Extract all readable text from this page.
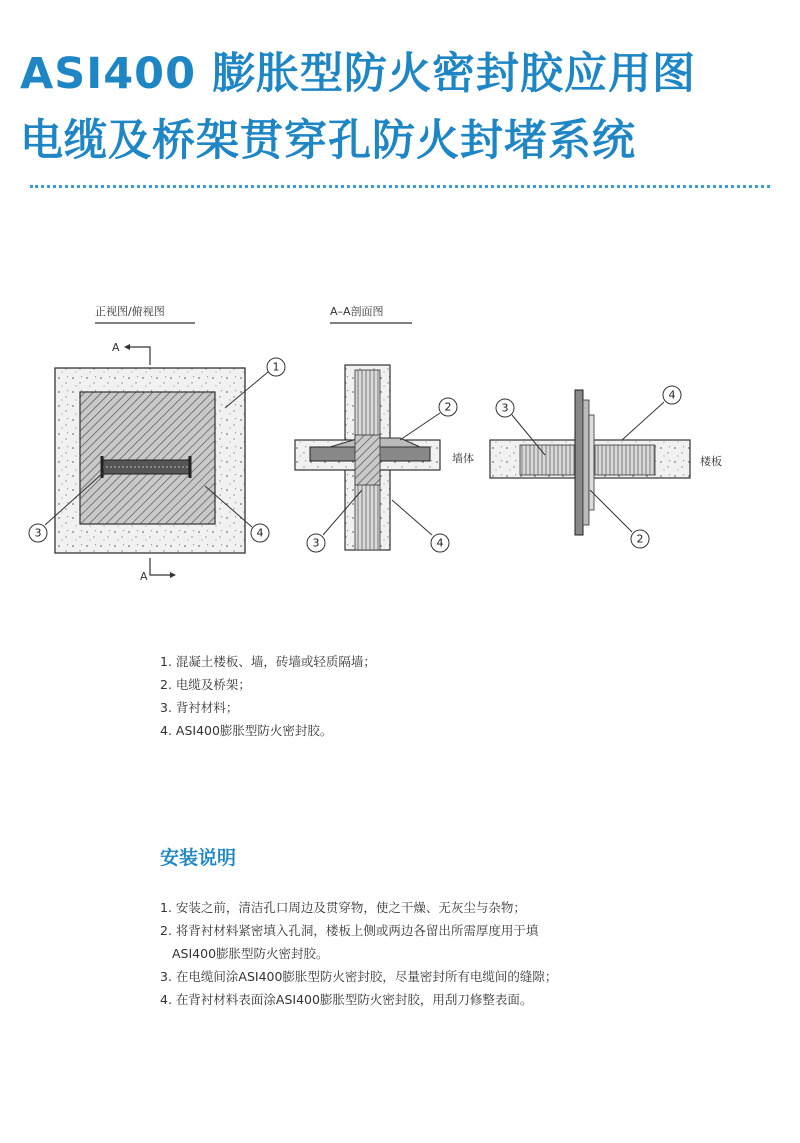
ASI400 膨胀型防火密封胶应用图
电缆及桥架贯穿孔防火封堵系统
正视图/俯视图
A
1
3	4
A
A–A剖面图
2
3	4
墙体	楼板
3
4
2
1. 混凝土楼板、墙，砖墙或轻质隔墙；
2. 电缆及桥架；
3. 背衬材料；
4. ASI400膨胀型防火密封胶。
安装说明
1. 安装之前，清洁孔口周边及贯穿物，使之干燥、无灰尘与杂物；
2. 将背衬材料紧密填入孔洞，楼板上侧或两边各留出所需厚度用于填
ASI400膨胀型防火密封胶。
3. 在电缆间涂ASI400膨胀型防火密封胶，尽量密封所有电缆间的缝隙；
4. 在背衬材料表面涂ASI400膨胀型防火密封胶，用刮刀修整表面。
